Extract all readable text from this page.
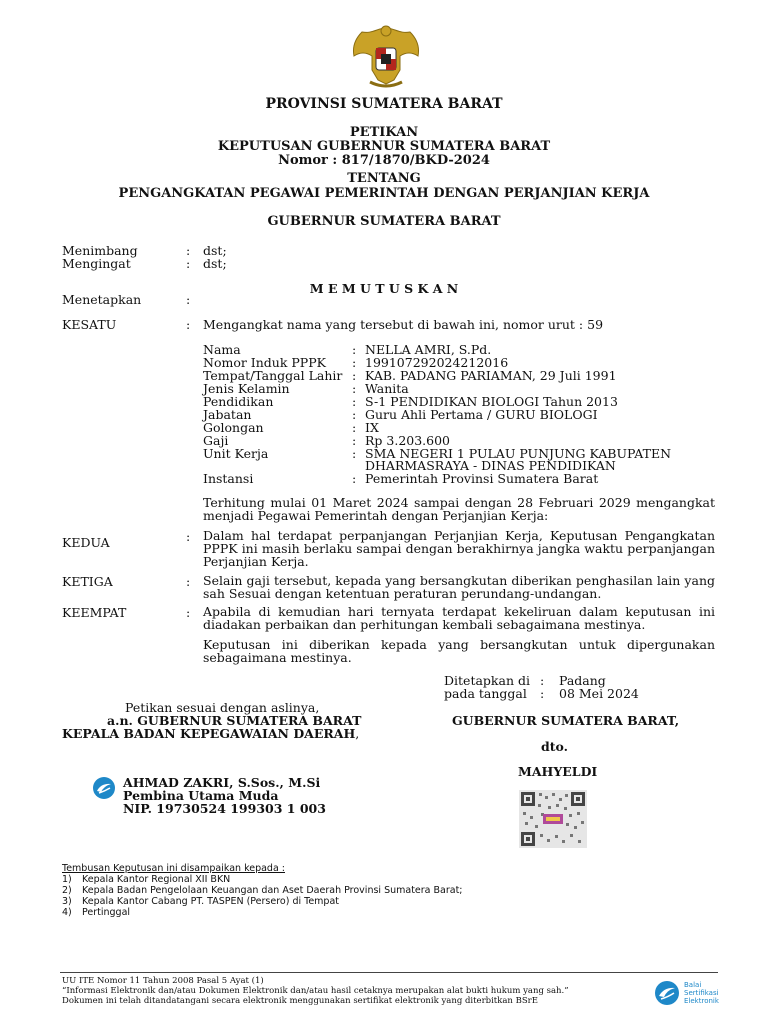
PROVINSI SUMATERA BARAT
PETIKAN
KEPUTUSAN GUBERNUR SUMATERA BARAT
Nomor : 817/1870/BKD-2024
TENTANG
PENGANGKATAN PEGAWAI PEMERINTAH DENGAN PERJANJIAN KERJA
GUBERNUR SUMATERA BARAT
Menimbang	: dst;
Mengingat	: dst;
M E M U T U S K A N
Menetapkan	:
KESATU	: Mengangkat nama yang tersebut di bawah ini, nomor urut : 59
Nama	: NELLA AMRI, S.Pd.
Nomor Induk PPPK : 199107292024212016
Tempat/Tanggal Lahir : KAB. PADANG PARIAMAN, 29 Juli 1991
Jenis Kelamin	: Wanita
Pendidikan	: S-1 PENDIDIKAN BIOLOGI Tahun 2013
Jabatan	: Guru Ahli Pertama / GURU BIOLOGI
Golongan	: IX
Gaji	: Rp 3.203.600
Unit Kerja	: SMA NEGERI 1 PULAU PUNJUNG KABUPATEN
DHARMASRAYA - DINAS PENDIDIKAN
Instansi	: Pemerintah Provinsi Sumatera Barat
Terhitung mulai 01 Maret 2024 sampai dengan 28 Februari 2029 mengangkat menjadi Pegawai Pemerintah dengan Perjanjian Kerja:
KEDUA	: Dalam hal terdapat perpanjangan Perjanjian Kerja, Keputusan Pengangkatan PPPK ini masih berlaku sampai dengan berakhirnya jangka waktu perpanjangan Perjanjian Kerja.
KETIGA	: Selain gaji tersebut, kepada yang bersangkutan diberikan penghasilan lain yang sah Sesuai dengan ketentuan peraturan perundang-undangan.
KEEMPAT	: Apabila di kemudian hari ternyata terdapat kekeliruan dalam keputusan ini diadakan perbaikan dan perhitungan kembali sebagaimana mestinya.
Keputusan ini diberikan kepada yang bersangkutan untuk dipergunakan sebagaimana mestinya.
Ditetapkan di : Padang
pada tanggal : 08 Mei 2024
Petikan sesuai dengan aslinya,
a.n. GUBERNUR SUMATERA BARAT
KEPALA BADAN KEPEGAWAIAN DAERAH,
AHMAD ZAKRI, S.Sos., M.Si
Pembina Utama Muda
NIP. 19730524 199303 1 003
GUBERNUR SUMATERA BARAT,
dto.
MAHYELDI
Tembusan Keputusan ini disampaikan kepada :
1) Kepala Kantor Regional XII BKN
2) Kepala Badan Pengelolaan Keuangan dan Aset Daerah Provinsi Sumatera Barat;
3) Kepala Kantor Cabang PT. TASPEN (Persero) di Tempat
4) Pertinggal
UU ITE Nomor 11 Tahun 2008 Pasal 5 Ayat (1)
“Informasi Elektronik dan/atau Dokumen Elektronik dan/atau hasil cetaknya merupakan alat bukti hukum yang sah.”
Dokumen ini telah ditandatangani secara elektronik menggunakan sertifikat elektronik yang diterbitkan BSrE
Balai Sertifikasi Elektronik
